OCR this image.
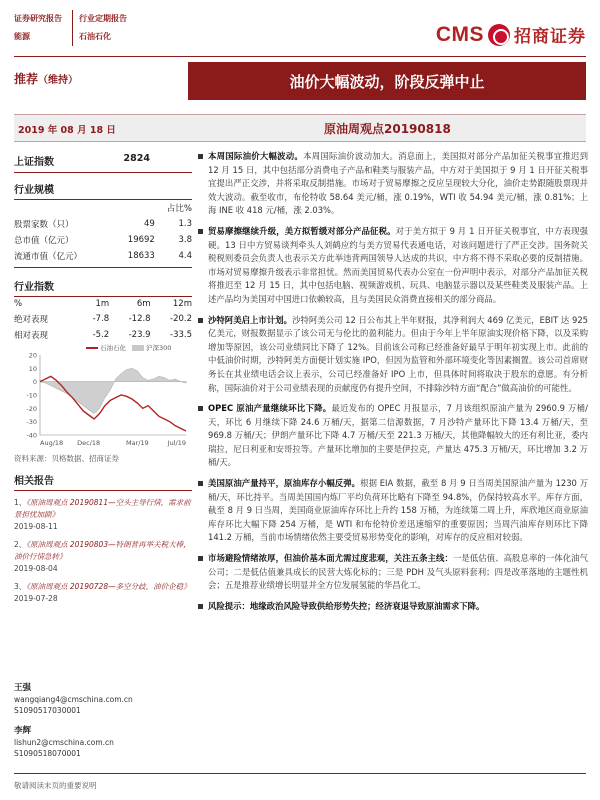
证券研究报告	行业定期报告
能源	石油石化	CMS 招商证券
推荐（维持）	油价大幅波动，阶段反弹中止
2019 年 08 月 18 日	原油周观点20190818
上证指数	2824
行业规模
		占比%
股票家数（只）	49	1.3
总市值（亿元）	19692	3.8
流通市值（亿元）	18633	4.4
行业指数
%	1m	6m	12m
绝对表现	-7.8	-12.8	-20.2
相对表现	-5.2	-23.9	-33.5
石油石化	沪深300
20
10
0
-10
-20
-30
-40
Aug/18 Dec/18	Mar/19	Jul/19
资料来源：贝格数据、招商证券
相关报告
1、《原油周观点 20190811—空头主导行情，需求前景担忧加剧》
2019-08-11
2、《原油周观点 20190803—特朗普再举关税大棒，油价行情急转》
2019-08-04
3、《原油周观点 20190728—多空分歧，油价企稳》
2019-07-28
王强
wangqiang4@cmschina.com.cn
S1090517030001
李辉
lishun2@cmschina.com.cn
S1090518070001
本周国际油价大幅波动。本周国际油价波动加大。消息面上，美国拟对部分产品加征关税事宜推迟到 12 月 15 日，其中包括部分消费电子产品和鞋类与服装产品，中方对于美国拟于 9 月 1 日开征关税事宜提出严正交涉，并将采取反制措施。市场对于贸易摩擦之反应呈现较大分化，油价走势跟随股票现并效大波动。截至收市，布伦特收 58.64 美元/桶，涨 0.19%，WTI 收 54.94 美元/桶，涨 0.81%；上海 INE 收 418 元/桶，涨 2.03%。
贸易摩擦继续升级，美方拟暂缓对部分产品征税。对于美方拟于 9 月 1 日开征关税事宜，中方表现强硬。13 日中方贸易谈判牵头人刘鹤应约与美方贸易代表通电话，对该问题进行了严正交涉。国务院关税税则委员会负责人也表示关方此举违背两国领导人达成的共识，中方将不得不采取必要的反制措施。市场对贸易摩擦升级表示非常担忧。然而美国贸易代表办公室在一份声明中表示，对部分产品加征关税将推迟至 12 月 15 日，其中包括电脑、视频游戏机、玩具、电脑显示器以及某些鞋类及服装产品。上述产品均为美国对中国进口依赖较高，且与美国民众消费直接相关的部分商品。
沙特阿美启上市计划。沙特阿美公司 12 日公布其上半年财报，其净利润大 469 亿美元，EBIT 达 925 亿美元，财报数据显示了该公司无与伦比的盈利能力。但由于今年上半年原油实现价格下降，以及采购增加等原因，该公司业绩同比下降了 12%。目前该公司称已经准备好最早于明年初实现上市。此前的中低油价时期，沙特阿美方面便计划实施 IPO，但因为监管和外部环境变化等因素搁置。该公司首席财务长在其业绩电话会议上表示，公司已经准备好 IPO 上市，但具体时间将取决于股东的意愿。有分析称，国际油价对于公司业绩表现的贡献度仍有提升空间，不排除沙特方面“配合”做高油价的可能性。
OPEC 原油产量继续环比下降。最近发布的 OPEC 月报显示，7 月该组织原油产量为 2960.9 万桶/天，环比 6 月继续下降 24.6 万桶/天，据第二信源数据，7 月沙特产量环比下降 13.4 万桶/天，至 969.8 万桶/天；伊朗产量环比下降 4.7 万桶/天至 221.3 万桶/天，其他降幅较大的还有利比亚，委内瑞拉，尼日利亚和安哥拉等。产量环比增加的主要是伊拉克，产量达 475.3 万桶/天，环比增加 3.2 万桶/天。
美国原油产量持平，原油库存小幅反弹。根据 EIA 数据，截至 8 月 9 日当周美国原油产量为 1230 万桶/天，环比持平。当周美国国内炼厂平均负荷环比略有下降至 94.8%，仍保持较高水平。库存方面，截至 8 月 9 日当周，美国商业原油库存环比上升约 158 万桶，为连续第二周上升，库欣地区商业原油库存环比大幅下降 254 万桶，是 WTI 和布伦特价差迅速缩窄的重要原因；当周汽油库存则环比下降 141.2 万桶，当前市场情绪依然主要受贸易形势变化的影响，对库存的反应相对较弱。
市场避险情绪浓厚，但油价基本面尤需过度悲观，关注五条主线：一是低估值、高股息率的一体化油气公司；二是低估值兼具成长的民营大炼化标的；三是 PDH 及气头原料套利；四是改革落地的主题性机会；五是推荐业绩增长明显并全方位发展氢能的华昌化工。
风险提示：地缘政治风险导致供给形势失控；经济衰退导致原油需求下降。
敬请阅读末页的重要说明
